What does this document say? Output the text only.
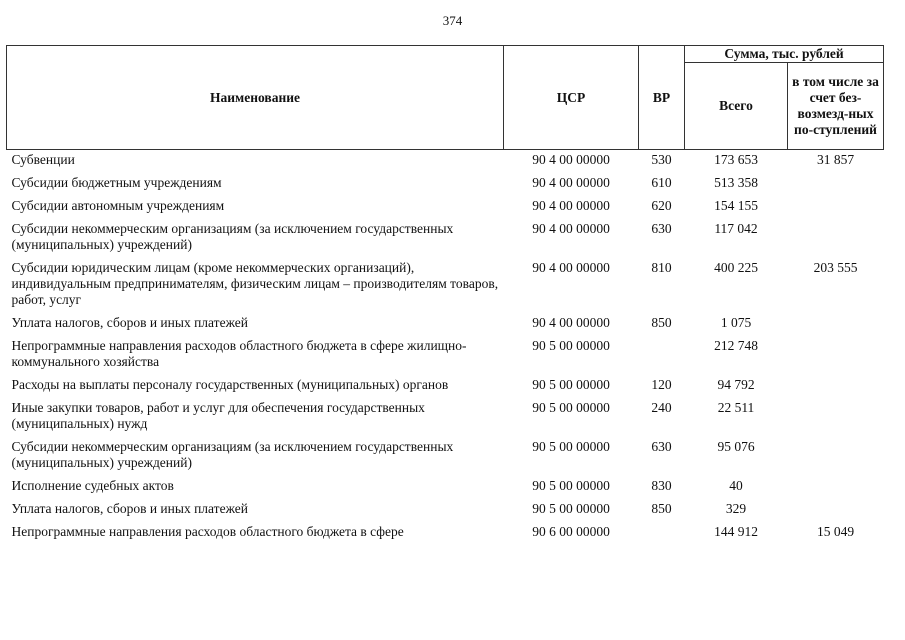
374
Наименование	ЦСР	ВР	Сумма, тыс. рублей	
			Всего	в том числе за счет без-возмезд-ных по-ступлений
Субвенции	90 4 00 00000	530	173 653	31 857
Субсидии бюджетным учреждениям	90 4 00 00000	610	513 358	
Субсидии автономным учреждениям	90 4 00 00000	620	154 155	
Субсидии некоммерческим организациям (за исключением государственных (муниципальных) учреждений)	90 4 00 00000	630	117 042	
Субсидии юридическим лицам (кроме некоммерческих организаций), индивидуальным предпринимателям, физическим лицам – производителям товаров, работ, услуг	90 4 00 00000	810	400 225	203 555
Уплата налогов, сборов и иных платежей	90 4 00 00000	850	1 075	
Непрограммные направления расходов областного бюджета в сфере жилищно-коммунального хозяйства	90 5 00 00000		212 748	
Расходы на выплаты персоналу государственных (муниципальных) органов	90 5 00 00000	120	94 792	
Иные закупки товаров, работ и услуг для обеспечения государственных (муниципальных) нужд	90 5 00 00000	240	22 511	
Субсидии некоммерческим организациям (за исключением государственных (муниципальных) учреждений)	90 5 00 00000	630	95 076	
Исполнение судебных актов	90 5 00 00000	830	40	
Уплата налогов, сборов и иных платежей	90 5 00 00000	850	329	
Непрограммные направления расходов областного бюджета в сфере	90 6 00 00000		144 912	15 049
